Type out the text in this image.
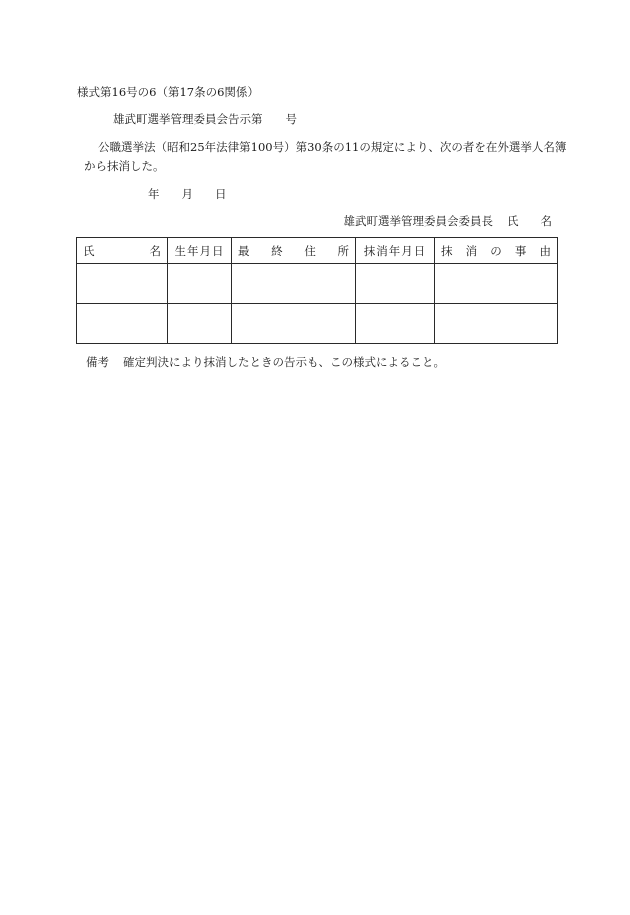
様式第16号の6（第17条の6関係）
雄武町選挙管理委員会告示第　　号
公職選挙法（昭和25年法律第100号）第30条の11の規定により、次の者を在外選挙人名簿
から抹消した。
年 月 日
雄武町選挙管理委員会委員長 氏 名
氏 名	生年月日	最 終 住 所	抹消年月日	抹 消 の 事 由

備考 確定判決により抹消したときの告示も、この様式によること。
